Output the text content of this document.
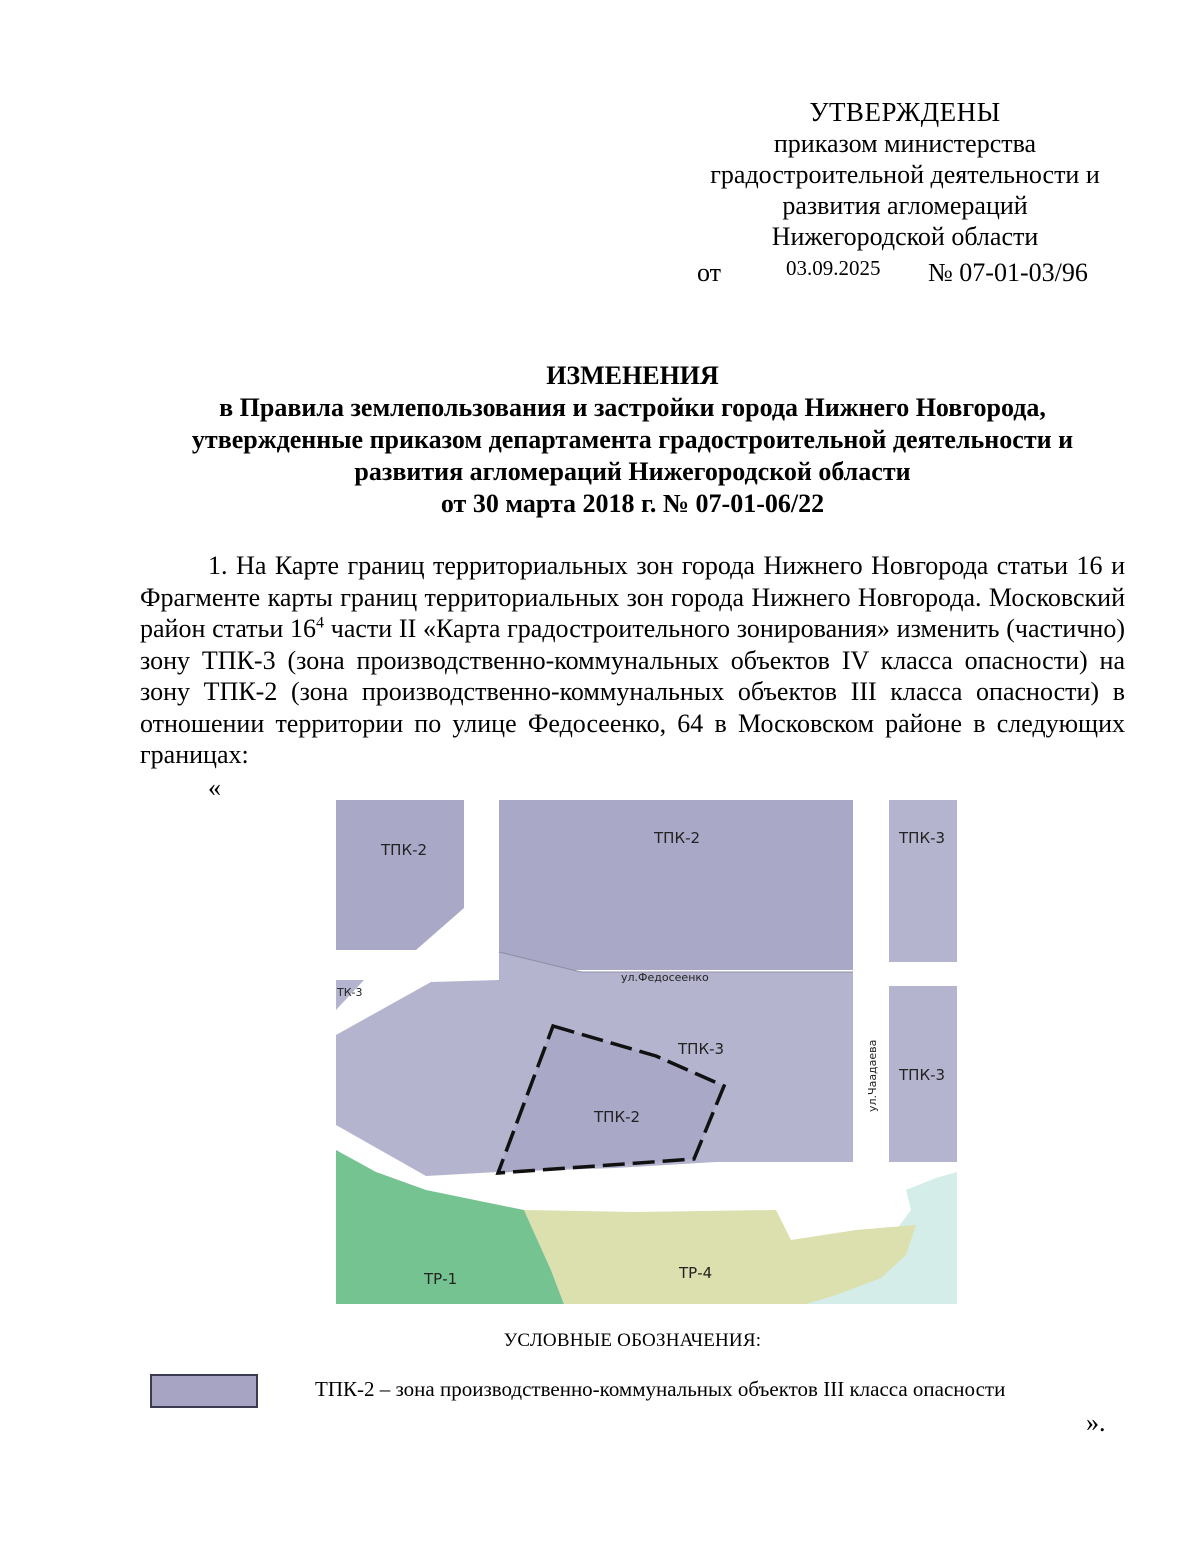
УТВЕРЖДЕНЫ
приказом министерства
градостроительной деятельности и
развития агломераций
Нижегородской области
от	03.09.2025 № 07-01-03/96
ИЗМЕНЕНИЯ
в Правила землепользования и застройки города Нижнего Новгорода,
утвержденные приказом департамента градостроительной деятельности и
развития агломераций Нижегородской области
от 30 марта 2018 г. № 07-01-06/22
1. На Карте границ территориальных зон города Нижнего Новгорода статьи 16 и Фрагменте карты границ территориальных зон города Нижнего Новгорода. Московский район статьи $16^4$ части II «Карта градостроительного зонирования» изменить (частично) зону ТПК-3 (зона производственно-коммунальных объектов IV класса опасности) на зону ТПК-2 (зона производственно-коммунальных объектов III класса опасности) в отношении территории по улице Федосеенко, 64 в Московском районе в следующих границах:
«
ТПК-2
ТПК-2	ТПК-3
ТК-3
ул.Федосеенко
ТПК-3
ТПК-2
ул.Чаадаева ТПК-3
ТР-1	ТР-4
УСЛОВНЫЕ ОБОЗНАЧЕНИЯ:
ТПК-2 – зона производственно-коммунальных объектов III класса опасности
».
